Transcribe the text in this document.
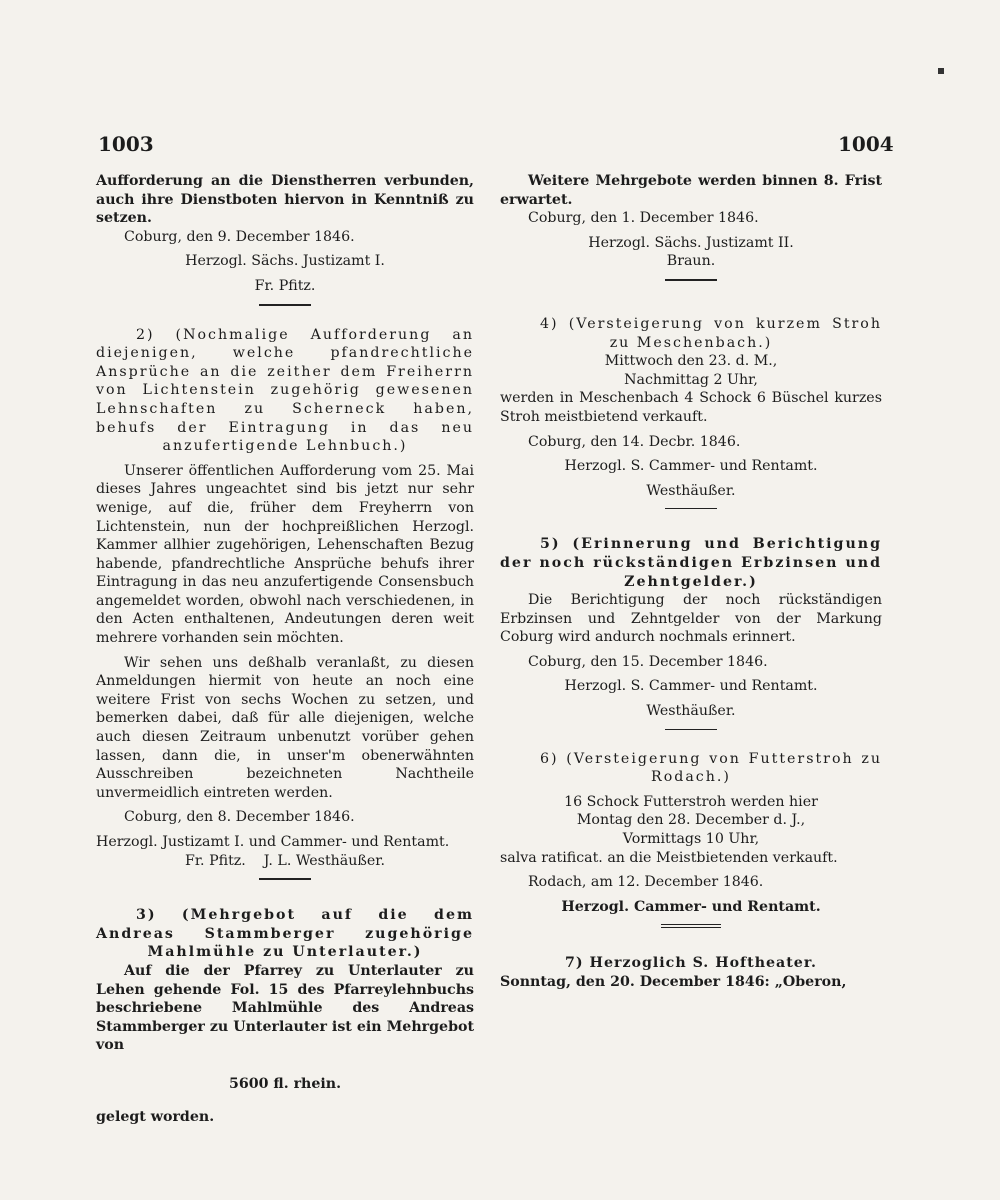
1003	1004

Aufforderung an die Dienstherren verbunden, auch ihre Dienstboten hiervon in Kenntniß zu setzen.

Coburg, den 9. December 1846.

Herzogl. Sächs. Justizamt I.

Fr. Pfitz.

2) (Nochmalige Aufforderung an diejenigen, welche pfandrechtliche Ansprüche an die zeither dem Freiherrn von Lichtenstein zugehörig gewesenen Lehnschaften zu Scherneck haben, behufs der Eintragung in das neu anzufertigende Lehnbuch.)

Unserer öffentlichen Aufforderung vom 25. Mai dieses Jahres ungeachtet sind bis jetzt nur sehr wenige, auf die, früher dem Freyherrn von Lichtenstein, nun der hochpreißlichen Herzogl. Kammer allhier zugehörigen, Lehenschaften Bezug habende, pfandrechtliche Ansprüche behufs ihrer Eintragung in das neu anzufertigende Consensbuch angemeldet worden, obwohl nach verschiedenen, in den Acten enthaltenen, Andeutungen deren weit mehrere vorhanden sein möchten.

Wir sehen uns deßhalb veranlaßt, zu diesen Anmeldungen hiermit von heute an noch eine weitere Frist von sechs Wochen zu setzen, und bemerken dabei, daß für alle diejenigen, welche auch diesen Zeitraum unbenutzt vorüber gehen lassen, dann die, in unser'm obenerwähnten Ausschreiben bezeichneten Nachtheile unvermeidlich eintreten werden.

Coburg, den 8. December 1846.

Herzogl. Justizamt I. und Cammer- und Rentamt.

Fr. Pfitz.    J. L. Westhäußer.

3) (Mehrgebot auf die dem Andreas Stammberger zugehörige Mahlmühle zu Unterlauter.)

Auf die der Pfarrey zu Unterlauter zu Lehen gehende Fol. 15 des Pfarreylehnbuchs beschriebene Mahlmühle des Andreas Stammberger zu Unterlauter ist ein Mehrgebot von

5600 fl. rhein.

gelegt worden.

Weitere Mehrgebote werden binnen 8. Frist erwartet.

Coburg, den 1. December 1846.

Herzogl. Sächs. Justizamt II.

Braun.

4) (Versteigerung von kurzem Stroh zu Meschenbach.)

Mittwoch den 23. d. M.,

Nachmittag 2 Uhr,

werden in Meschenbach 4 Schock 6 Büschel kurzes Stroh meistbietend verkauft.

Coburg, den 14. Decbr. 1846.

Herzogl. S. Cammer- und Rentamt.

Westhäußer.

5) (Erinnerung und Berichtigung der noch rückständigen Erbzinsen und Zehntgelder.)

Die Berichtigung der noch rückständigen Erbzinsen und Zehntgelder von der Markung Coburg wird andurch nochmals erinnert.

Coburg, den 15. December 1846.

Herzogl. S. Cammer- und Rentamt.

Westhäußer.

6) (Versteigerung von Futterstroh zu Rodach.)

16 Schock Futterstroh werden hier

Montag den 28. December d. J.,

Vormittags 10 Uhr,

salva ratificat. an die Meistbietenden verkauft.

Rodach, am 12. December 1846.

Herzogl. Cammer- und Rentamt.

7) Herzoglich S. Hoftheater.

Sonntag, den 20. December 1846: „Oberon,
